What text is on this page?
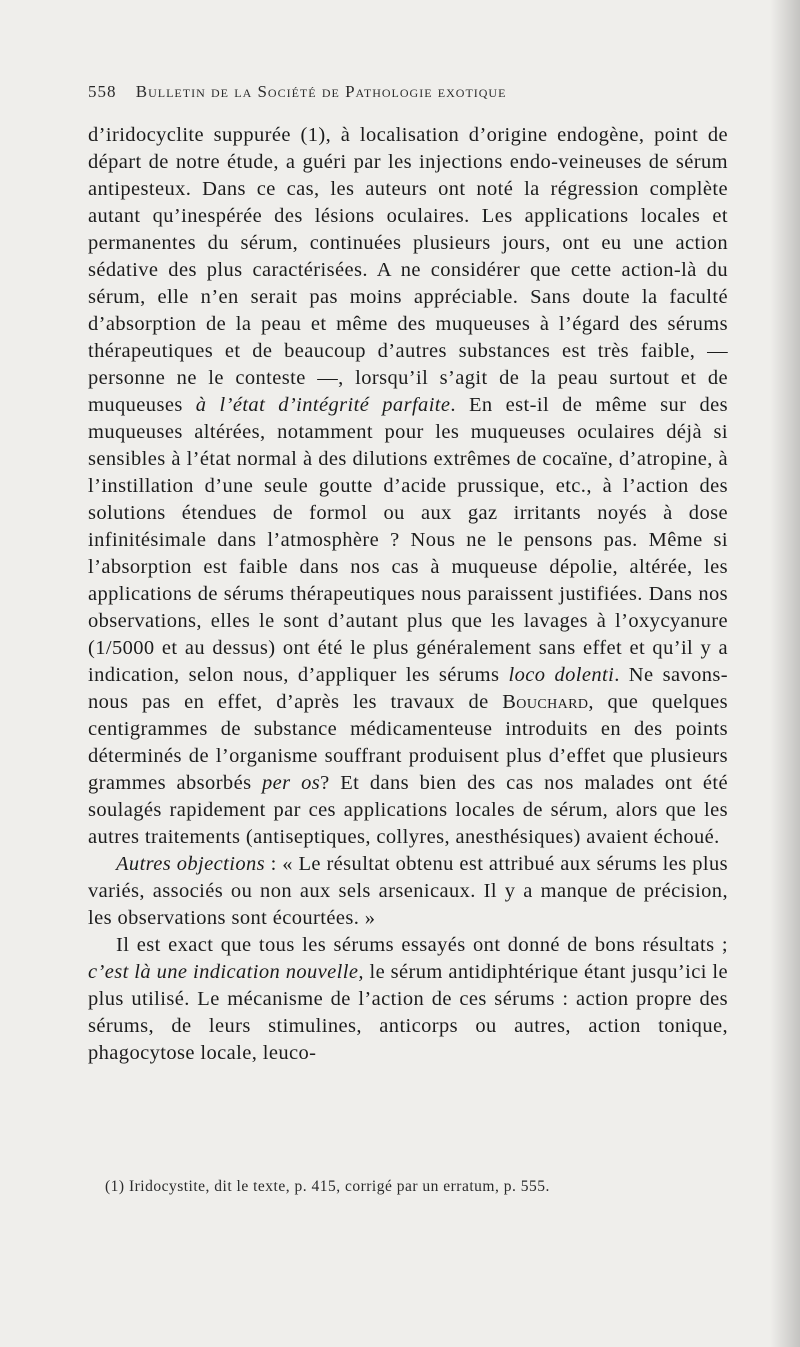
558 Bulletin de la Société de Pathologie exotique

d’iridocyclite suppurée (1), à localisation d’origine endogène, point de départ de notre étude, a guéri par les injections endo-veineuses de sérum antipesteux. Dans ce cas, les auteurs ont noté la régression complète autant qu’inespérée des lésions oculaires. Les applications locales et permanentes du sérum, continuées plusieurs jours, ont eu une action sédative des plus caractérisées. A ne considérer que cette action-là du sérum, elle n’en serait pas moins appréciable. Sans doute la faculté d’absorption de la peau et même des muqueuses à l’égard des sérums thérapeutiques et de beaucoup d’autres substances est très faible, — personne ne le conteste —, lorsqu’il s’agit de la peau surtout et de muqueuses à l’état d’intégrité parfaite. En est-il de même sur des muqueuses altérées, notamment pour les muqueuses oculaires déjà si sensibles à l’état normal à des dilutions extrêmes de cocaïne, d’atropine, à l’instillation d’une seule goutte d’acide prussique, etc., à l’action des solutions étendues de formol ou aux gaz irritants noyés à dose infinitésimale dans l’atmosphère ? Nous ne le pensons pas. Même si l’absorption est faible dans nos cas à muqueuse dépolie, altérée, les applications de sérums thérapeutiques nous paraissent justifiées. Dans nos observations, elles le sont d’autant plus que les lavages à l’oxycyanure (1/5000 et au dessus) ont été le plus généralement sans effet et qu’il y a indication, selon nous, d’appliquer les sérums loco dolenti. Ne savons-nous pas en effet, d’après les travaux de Bouchard, que quelques centigrammes de substance médicamenteuse introduits en des points déterminés de l’organisme souffrant produisent plus d’effet que plusieurs grammes absorbés per os? Et dans bien des cas nos malades ont été soulagés rapidement par ces applications locales de sérum, alors que les autres traitements (antiseptiques, collyres, anesthésiques) avaient échoué.

Autres objections : « Le résultat obtenu est attribué aux sérums les plus variés, associés ou non aux sels arsenicaux. Il y a manque de précision, les observations sont écourtées. »

Il est exact que tous les sérums essayés ont donné de bons résultats ; c’est là une indication nouvelle, le sérum antidiphtérique étant jusqu’ici le plus utilisé. Le mécanisme de l’action de ces sérums : action propre des sérums, de leurs stimulines, anticorps ou autres, action tonique, phagocytose locale, leuco-

(1) Iridocystite, dit le texte, p. 415, corrigé par un erratum, p. 555.
